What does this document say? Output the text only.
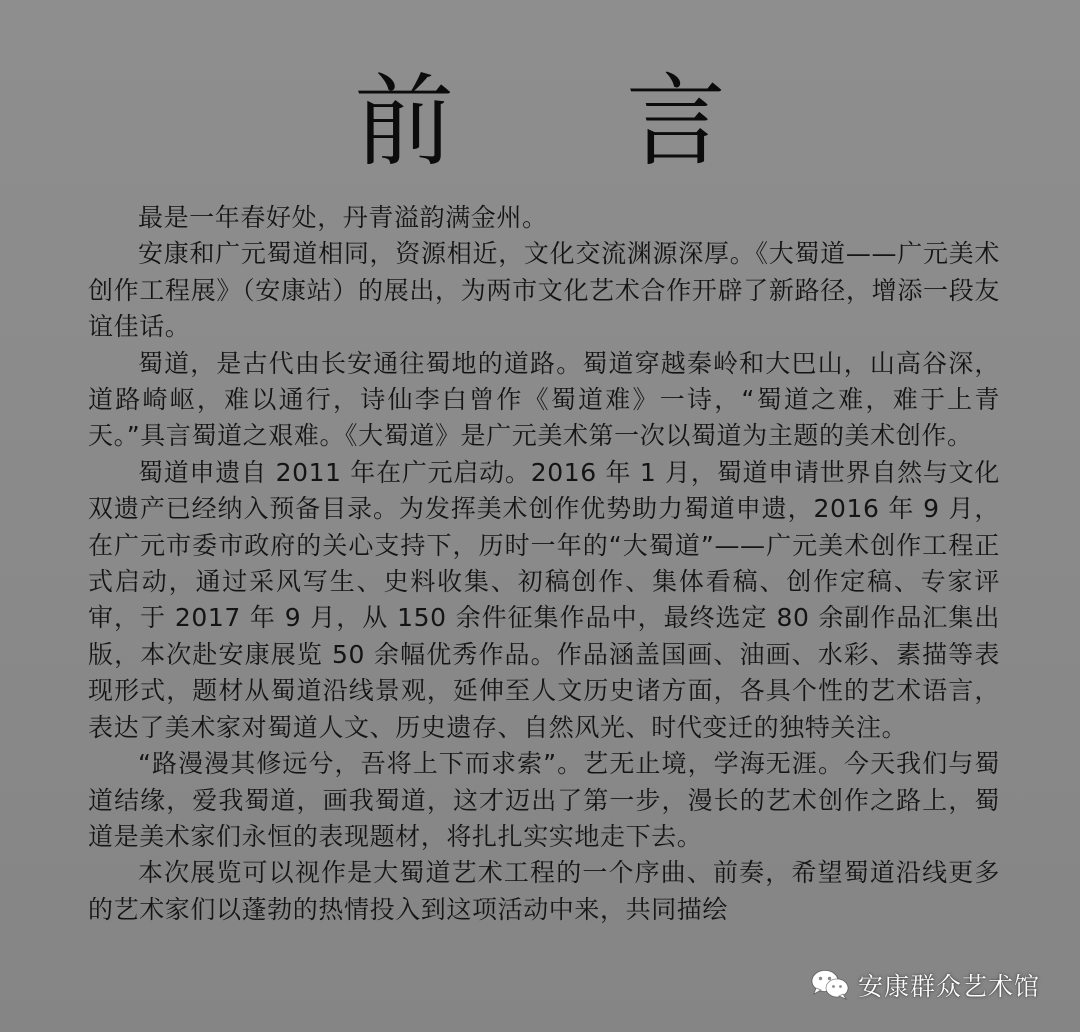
前 言

最是一年春好处，丹青溢韵满金州。

安康和广元蜀道相同，资源相近，文化交流渊源深厚。《大蜀道——广元美术创作工程展》（安康站）的展出，为两市文化艺术合作开辟了新路径，增添一段友谊佳话。

蜀道，是古代由长安通往蜀地的道路。蜀道穿越秦岭和大巴山，山高谷深，道路崎岖，难以通行，诗仙李白曾作《蜀道难》一诗，“蜀道之难，难于上青天。”具言蜀道之艰难。《大蜀道》是广元美术第一次以蜀道为主题的美术创作。

蜀道申遗自 2011 年在广元启动。2016 年 1 月，蜀道申请世界自然与文化双遗产已经纳入预备目录。为发挥美术创作优势助力蜀道申遗，2016 年 9 月，在广元市委市政府的关心支持下，历时一年的“大蜀道”——广元美术创作工程正式启动，通过采风写生、史料收集、初稿创作、集体看稿、创作定稿、专家评审，于 2017 年 9 月，从 150 余件征集作品中，最终选定 80 余副作品汇集出版，本次赴安康展览 50 余幅优秀作品。作品涵盖国画、油画、水彩、素描等表现形式，题材从蜀道沿线景观，延伸至人文历史诸方面，各具个性的艺术语言，表达了美术家对蜀道人文、历史遗存、自然风光、时代变迁的独特关注。

“路漫漫其修远兮，吾将上下而求索”。艺无止境，学海无涯。今天我们与蜀道结缘，爱我蜀道，画我蜀道，这才迈出了第一步，漫长的艺术创作之路上，蜀道是美术家们永恒的表现题材，将扎扎实实地走下去。

本次展览可以视作是大蜀道艺术工程的一个序曲、前奏，希望蜀道沿线更多的艺术家们以蓬勃的热情投入到这项活动中来，共同描绘

安康群众艺术馆
